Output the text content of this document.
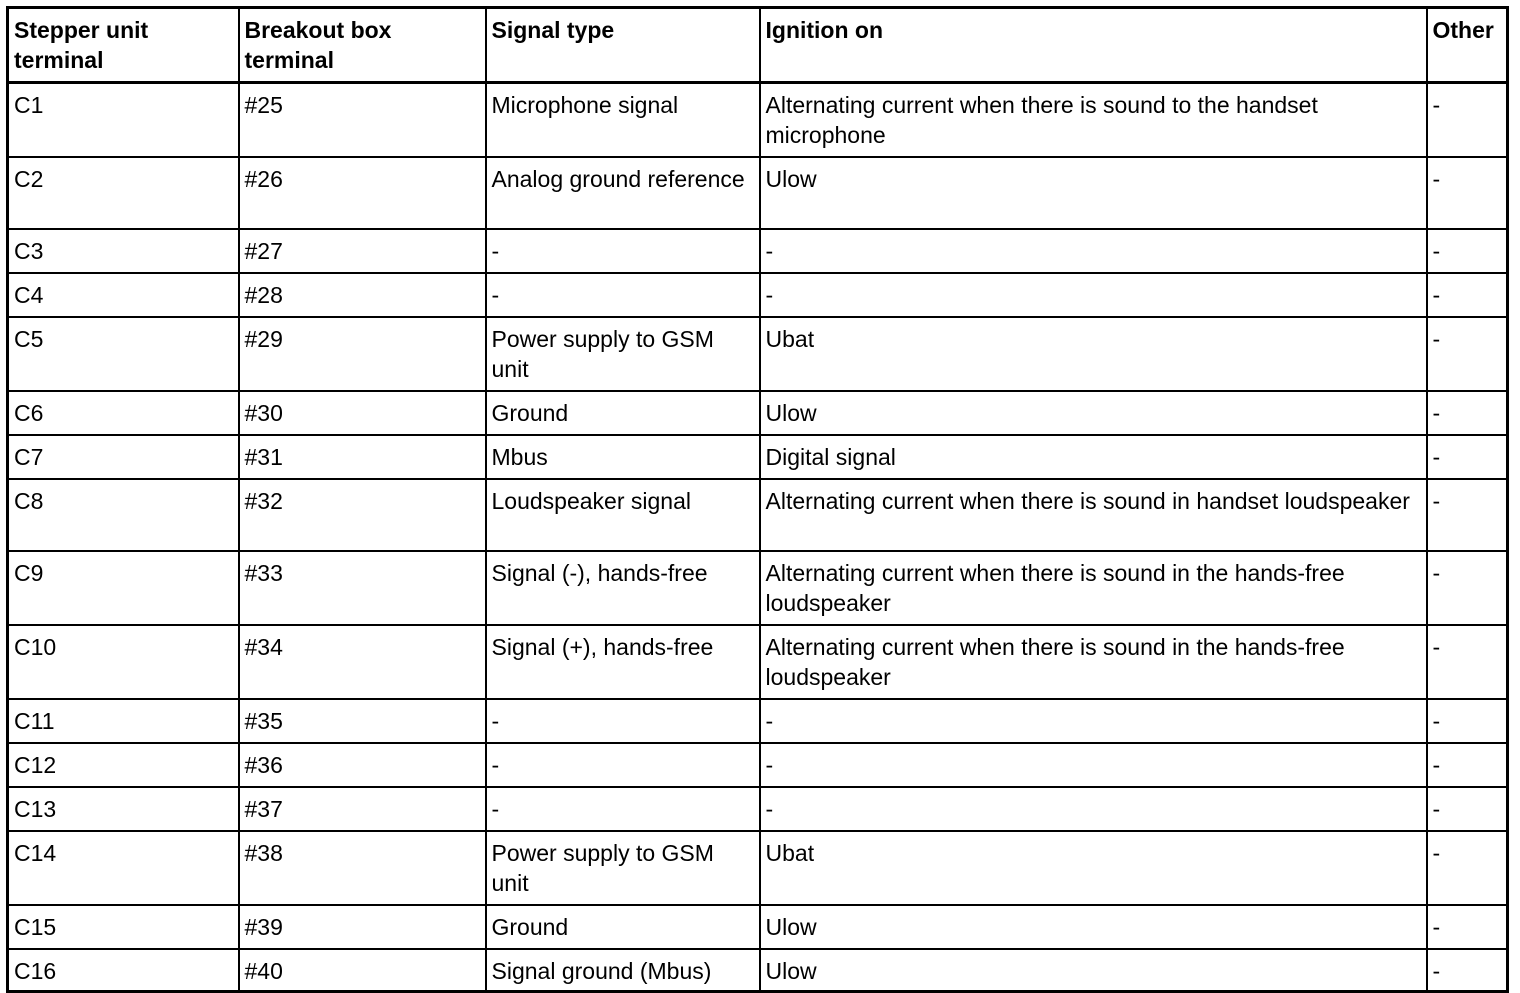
Stepper unit terminal	Breakout box terminal	Signal type	Ignition on	Other
C1	#25	Microphone signal	Alternating current when there is sound to the handset microphone	-
C2	#26	Analog ground reference	Ulow	-
C3	#27	-	-	-
C4	#28	-	-	-
C5	#29	Power supply to GSM unit	Ubat	-
C6	#30	Ground	Ulow	-
C7	#31	Mbus	Digital signal	-
C8	#32	Loudspeaker signal	Alternating current when there is sound in handset loudspeaker	-
C9	#33	Signal (-), hands-free	Alternating current when there is sound in the hands-free loudspeaker	-
C10	#34	Signal (+), hands-free	Alternating current when there is sound in the hands-free loudspeaker	-
C11	#35	-	-	-
C12	#36	-	-	-
C13	#37	-	-	-
C14	#38	Power supply to GSM unit	Ubat	-
C15	#39	Ground	Ulow	-
C16	#40	Signal ground (Mbus)	Ulow	-
